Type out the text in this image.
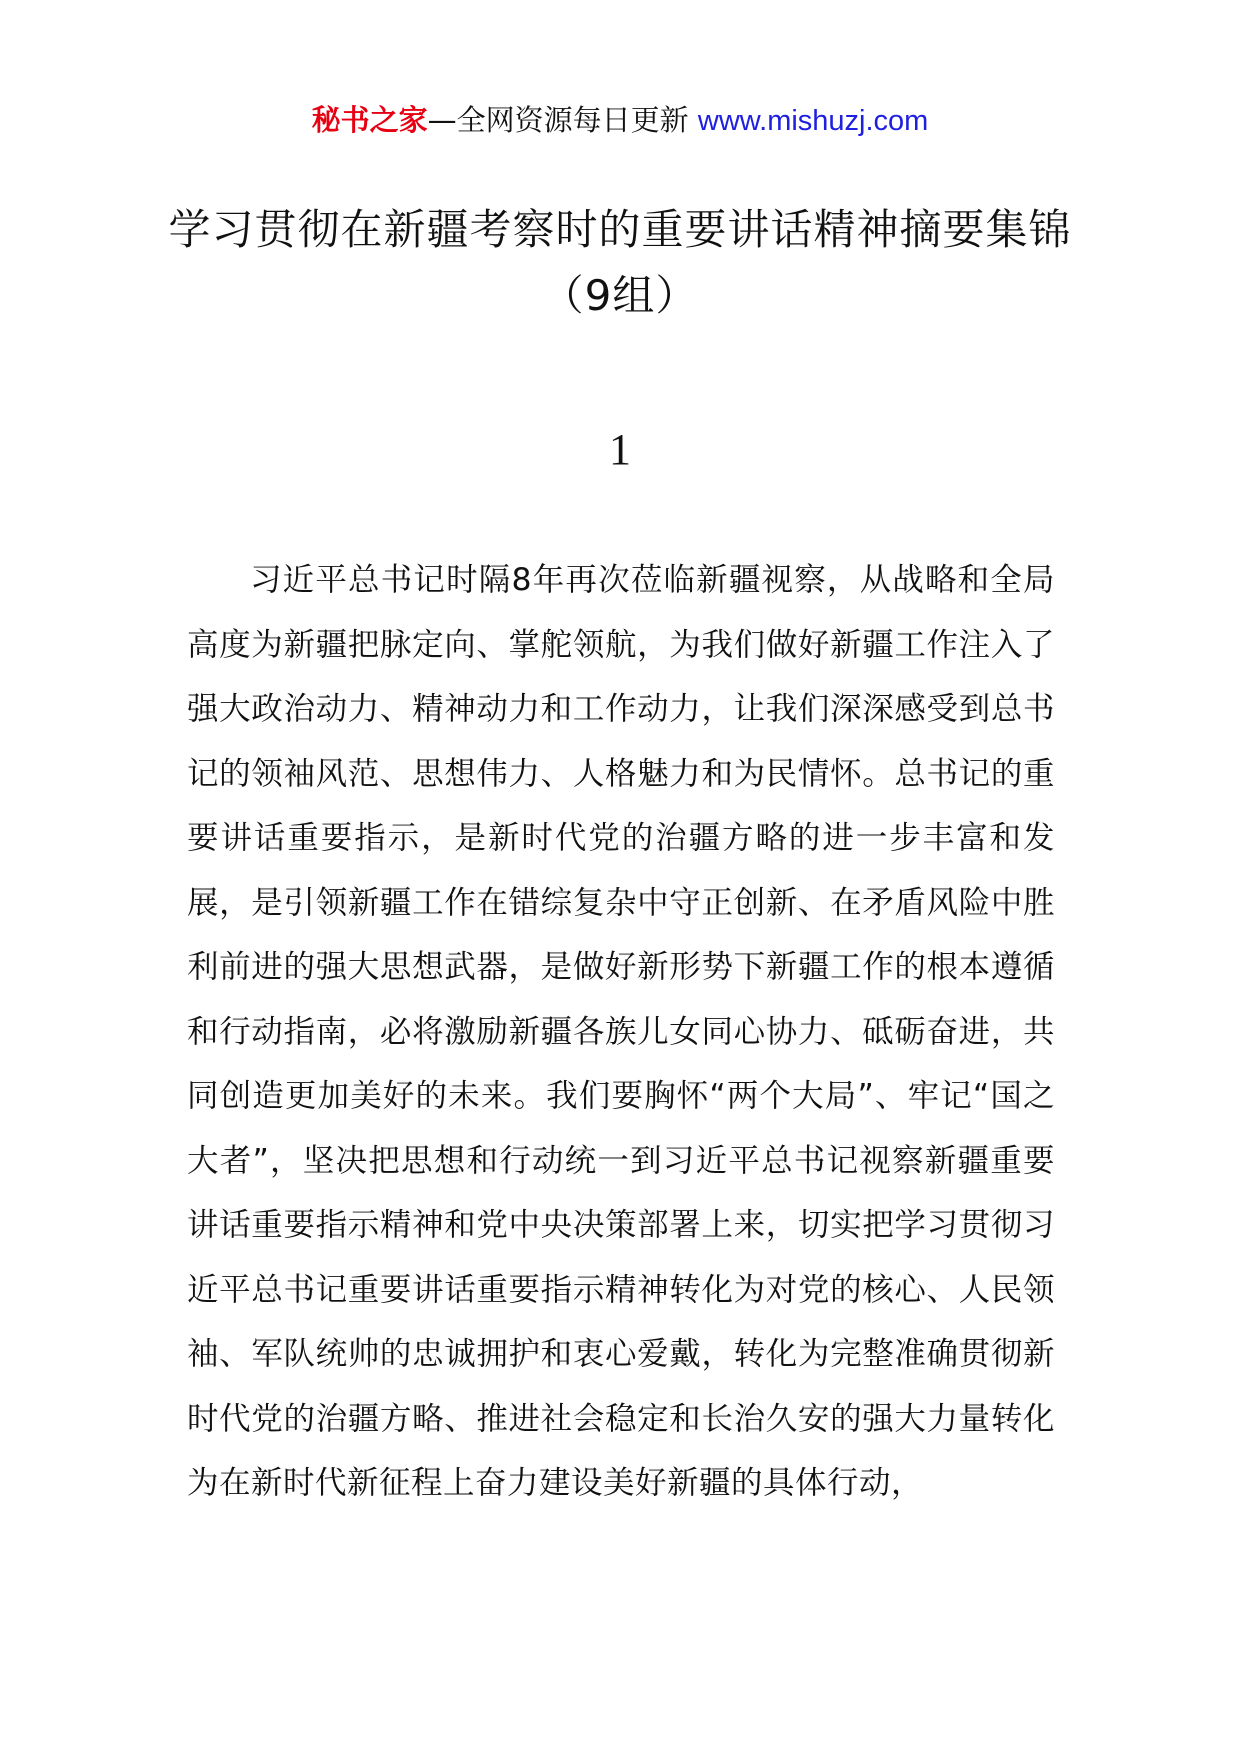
秘书之家—全网资源每日更新 www.mishuzj.com
学习贯彻在新疆考察时的重要讲话精神摘要集锦（9组）
1

习近平总书记时隔8年再次莅临新疆视察，从战略和全局高度为新疆把脉定向、掌舵领航，为我们做好新疆工作注入了强大政治动力、精神动力和工作动力，让我们深深感受到总书记的领袖风范、思想伟力、人格魅力和为民情怀。总书记的重要讲话重要指示，是新时代党的治疆方略的进一步丰富和发展，是引领新疆工作在错综复杂中守正创新、在矛盾风险中胜利前进的强大思想武器，是做好新形势下新疆工作的根本遵循和行动指南，必将激励新疆各族儿女同心协力、砥砺奋进，共同创造更加美好的未来。我们要胸怀“两个大局”、牢记“国之大者”，坚决把思想和行动统一到习近平总书记视察新疆重要讲话重要指示精神和党中央决策部署上来，切实把学习贯彻习近平总书记重要讲话重要指示精神转化为对党的核心、人民领袖、军队统帅的忠诚拥护和衷心爱戴，转化为完整准确贯彻新时代党的治疆方略、推进社会稳定和长治久安的强大力量转化为在新时代新征程上奋力建设美好新疆的具体行动，
